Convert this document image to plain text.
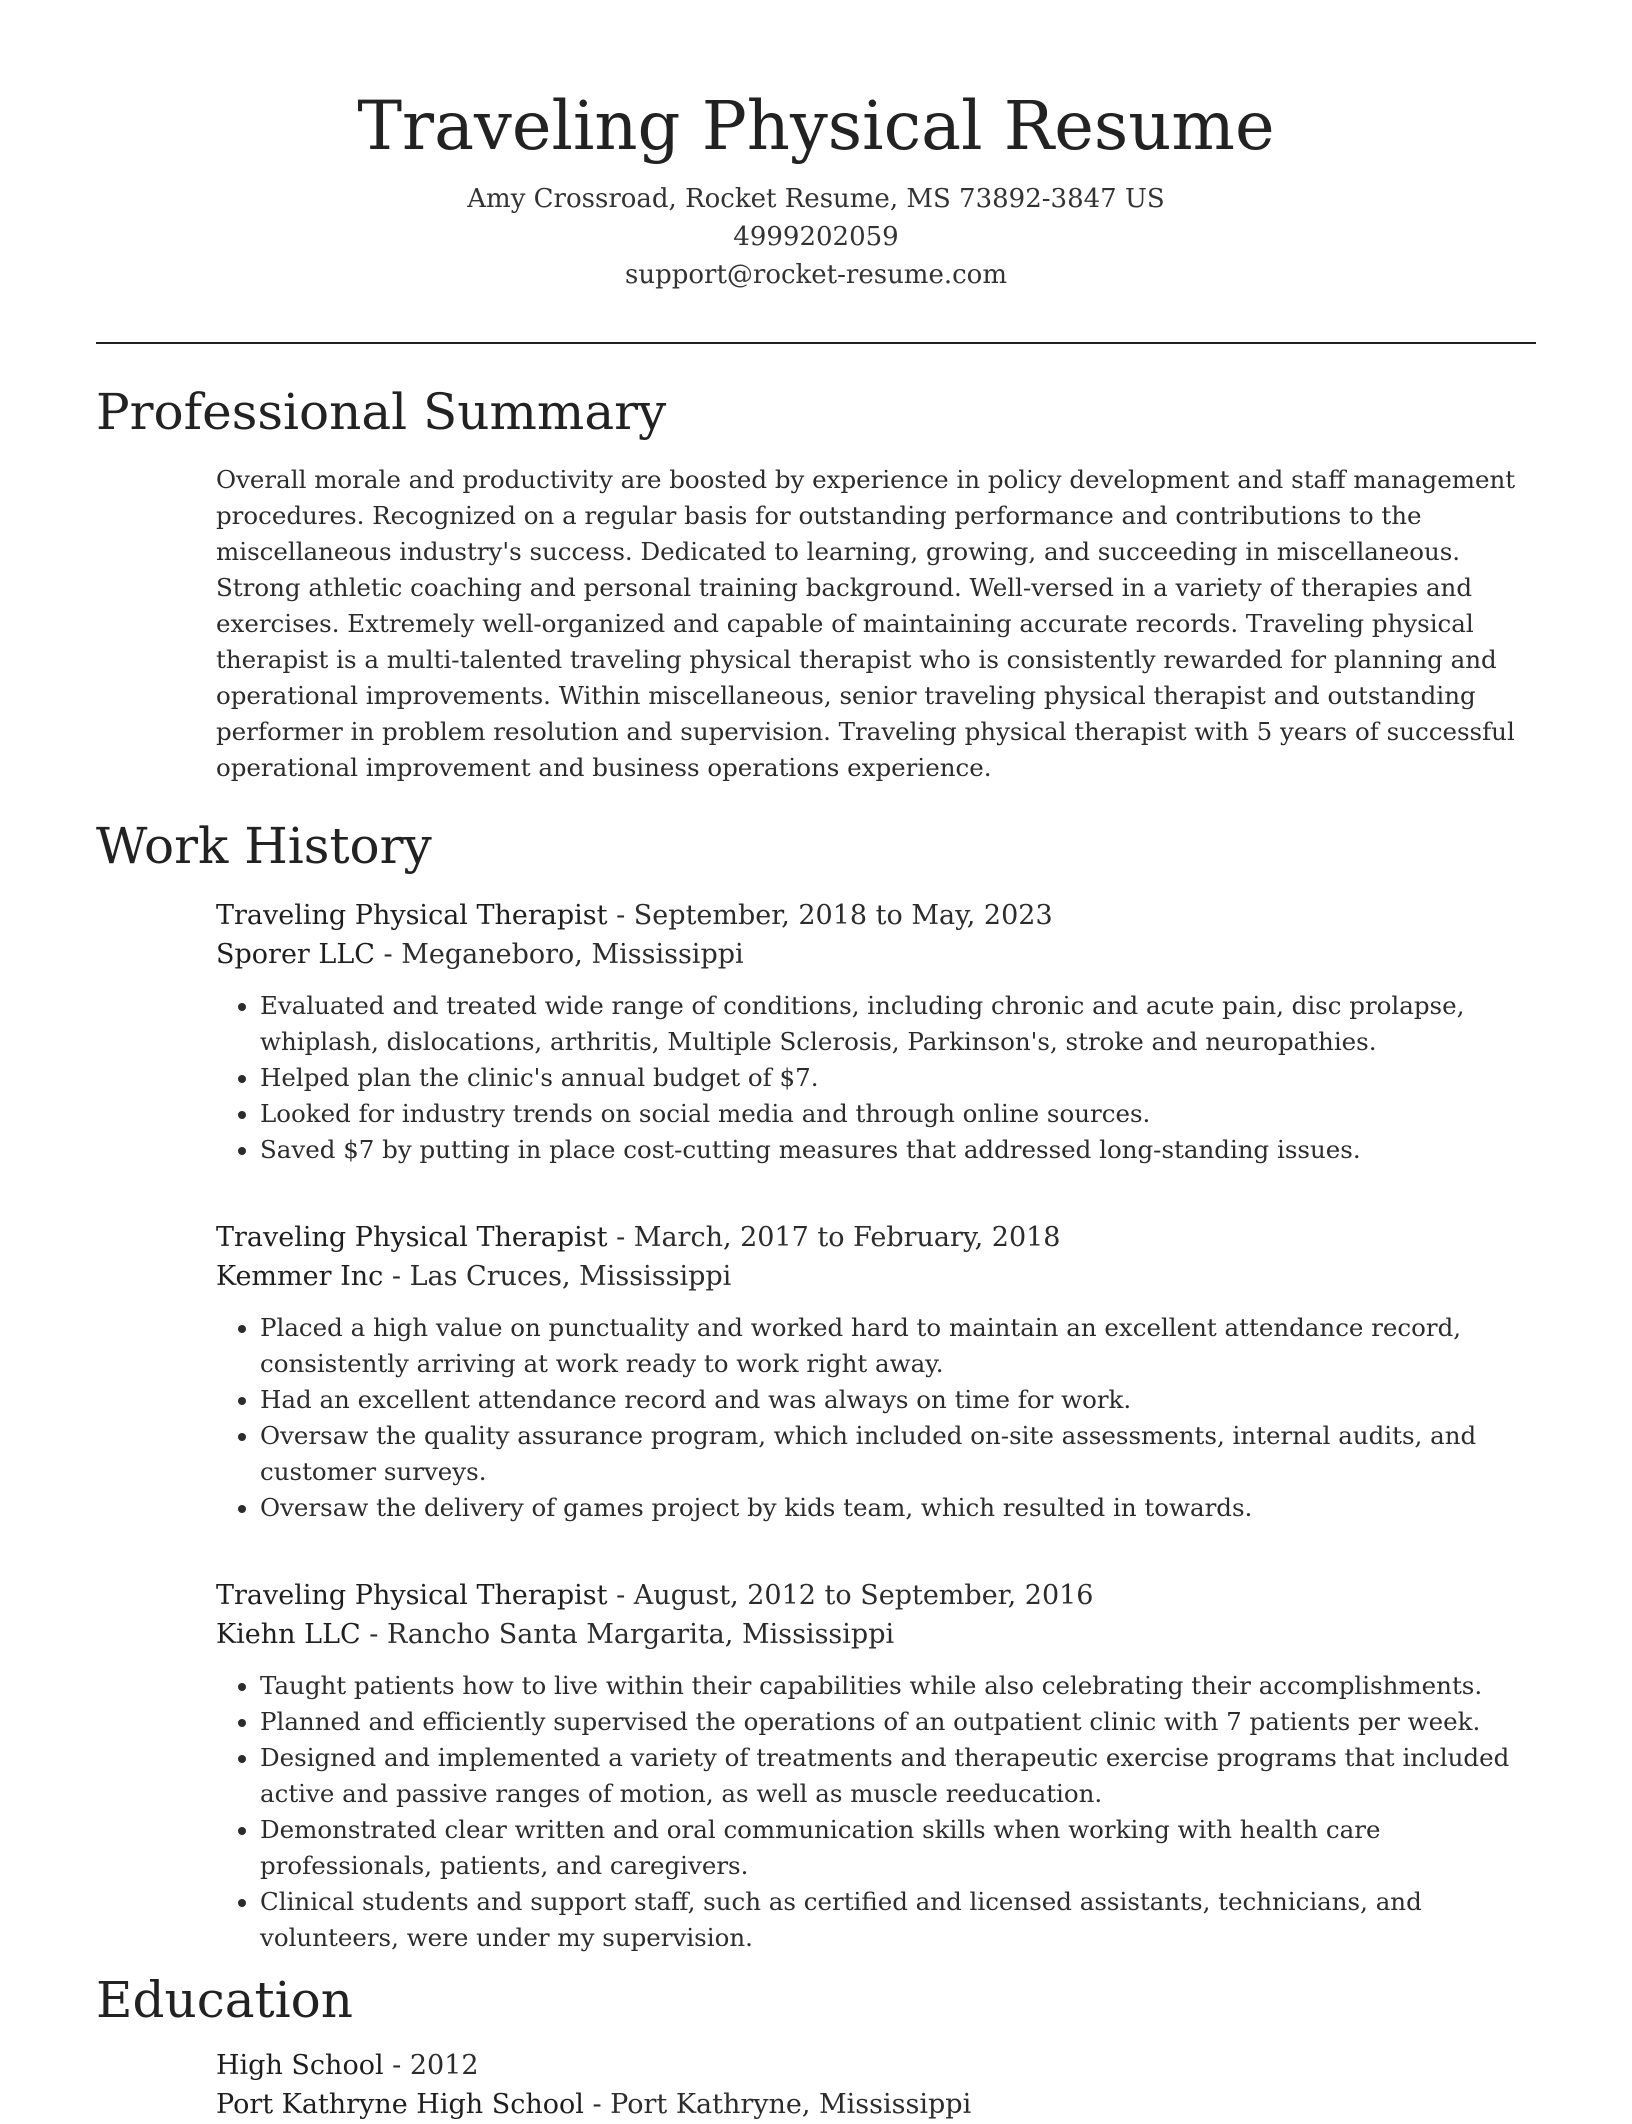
Traveling Physical Resume
Amy Crossroad, Rocket Resume, MS 73892-3847 US
4999202059
support@rocket-resume.com
Professional Summary
Overall morale and productivity are boosted by experience in policy development and staff management procedures. Recognized on a regular basis for outstanding performance and contributions to the miscellaneous industry's success. Dedicated to learning, growing, and succeeding in miscellaneous. Strong athletic coaching and personal training background. Well-versed in a variety of therapies and exercises. Extremely well-organized and capable of maintaining accurate records. Traveling physical therapist is a multi-talented traveling physical therapist who is consistently rewarded for planning and operational improvements. Within miscellaneous, senior traveling physical therapist and outstanding performer in problem resolution and supervision. Traveling physical therapist with 5 years of successful operational improvement and business operations experience.
Work History
Traveling Physical Therapist - September, 2018 to May, 2023
Sporer LLC - Meganeboro, Mississippi
• Evaluated and treated wide range of conditions, including chronic and acute pain, disc prolapse, whiplash, dislocations, arthritis, Multiple Sclerosis, Parkinson's, stroke and neuropathies.
• Helped plan the clinic's annual budget of $7.
• Looked for industry trends on social media and through online sources.
• Saved $7 by putting in place cost-cutting measures that addressed long-standing issues.
Traveling Physical Therapist - March, 2017 to February, 2018
Kemmer Inc - Las Cruces, Mississippi
• Placed a high value on punctuality and worked hard to maintain an excellent attendance record, consistently arriving at work ready to work right away.
• Had an excellent attendance record and was always on time for work.
• Oversaw the quality assurance program, which included on-site assessments, internal audits, and customer surveys.
• Oversaw the delivery of games project by kids team, which resulted in towards.
Traveling Physical Therapist - August, 2012 to September, 2016
Kiehn LLC - Rancho Santa Margarita, Mississippi
• Taught patients how to live within their capabilities while also celebrating their accomplishments.
• Planned and efficiently supervised the operations of an outpatient clinic with 7 patients per week.
• Designed and implemented a variety of treatments and therapeutic exercise programs that included active and passive ranges of motion, as well as muscle reeducation.
• Demonstrated clear written and oral communication skills when working with health care professionals, patients, and caregivers.
• Clinical students and support staff, such as certified and licensed assistants, technicians, and volunteers, were under my supervision.
Education
High School - 2012
Port Kathryne High School - Port Kathryne, Mississippi
